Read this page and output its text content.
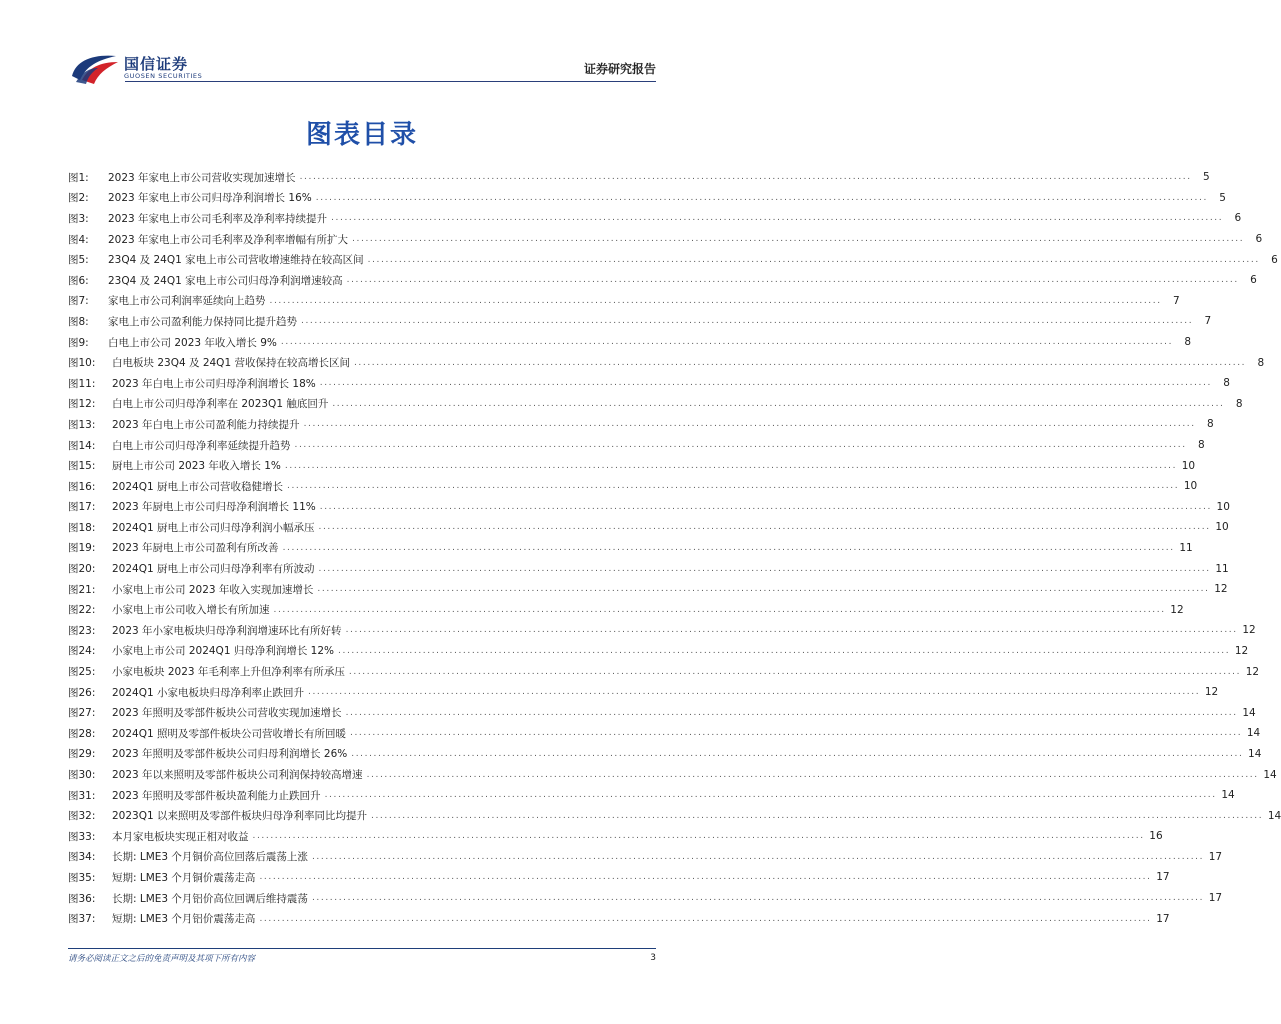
国信证券
GUOSEN SECURITIES	证券研究报告
图表目录
图1:	2023 年家电上市公司营收实现加速增长 ........................................................................................................................................................................................................	5
图2:	2023 年家电上市公司归母净利润增长 16% ........................................................................................................................................................................................................	5
图3:	2023 年家电上市公司毛利率及净利率持续提升 ........................................................................................................................................................................................................	6
图4:	2023 年家电上市公司毛利率及净利率增幅有所扩大 ........................................................................................................................................................................................................	6
图5:	23Q4 及 24Q1 家电上市公司营收增速维持在较高区间 ........................................................................................................................................................................................................	6
图6:	23Q4 及 24Q1 家电上市公司归母净利润增速较高 ........................................................................................................................................................................................................	6
图7:	家电上市公司利润率延续向上趋势 ........................................................................................................................................................................................................	7
图8:	家电上市公司盈利能力保持同比提升趋势 ........................................................................................................................................................................................................	7
图9:	白电上市公司 2023 年收入增长 9% ........................................................................................................................................................................................................	8
图10:	白电板块 23Q4 及 24Q1 营收保持在较高增长区间 ........................................................................................................................................................................................................	8
图11:	2023 年白电上市公司归母净利润增长 18% ........................................................................................................................................................................................................	8
图12:	白电上市公司归母净利率在 2023Q1 触底回升 ........................................................................................................................................................................................................	8
图13:	2023 年白电上市公司盈利能力持续提升 ........................................................................................................................................................................................................	8
图14:	白电上市公司归母净利率延续提升趋势 ........................................................................................................................................................................................................	8
图15:	厨电上市公司 2023 年收入增长 1% ........................................................................................................................................................................................................ 10
图16:	2024Q1 厨电上市公司营收稳健增长 ........................................................................................................................................................................................................ 10
图17:	2023 年厨电上市公司归母净利润增长 11% ........................................................................................................................................................................................................ 10
图18:	2024Q1 厨电上市公司归母净利润小幅承压 ........................................................................................................................................................................................................ 10
图19:	2023 年厨电上市公司盈利有所改善 ........................................................................................................................................................................................................ 11
图20:	2024Q1 厨电上市公司归母净利率有所波动 ........................................................................................................................................................................................................ 11
图21:	小家电上市公司 2023 年收入实现加速增长 ........................................................................................................................................................................................................ 12
图22:	小家电上市公司收入增长有所加速 ........................................................................................................................................................................................................ 12
图23:	2023 年小家电板块归母净利润增速环比有所好转 ........................................................................................................................................................................................................ 12
图24:	小家电上市公司 2024Q1 归母净利润增长 12% ........................................................................................................................................................................................................ 12
图25:	小家电板块 2023 年毛利率上升但净利率有所承压 ........................................................................................................................................................................................................ 12
图26:	2024Q1 小家电板块归母净利率止跌回升 ........................................................................................................................................................................................................ 12
图27:	2023 年照明及零部件板块公司营收实现加速增长 ........................................................................................................................................................................................................ 14
图28:	2024Q1 照明及零部件板块公司营收增长有所回暖 ........................................................................................................................................................................................................ 14
图29:	2023 年照明及零部件板块公司归母利润增长 26% ........................................................................................................................................................................................................ 14
图30:	2023 年以来照明及零部件板块公司利润保持较高增速 ........................................................................................................................................................................................................ 14
图31:	2023 年照明及零部件板块盈利能力止跌回升 ........................................................................................................................................................................................................ 14
图32:	2023Q1 以来照明及零部件板块归母净利率同比均提升 ........................................................................................................................................................................................................ 14
图33:	本月家电板块实现正相对收益 ........................................................................................................................................................................................................ 16
图34:	长期: LME3 个月铜价高位回落后震荡上涨 ........................................................................................................................................................................................................ 17
图35:	短期: LME3 个月铜价震荡走高 ........................................................................................................................................................................................................ 17
图36:	长期: LME3 个月铝价高位回调后维持震荡 ........................................................................................................................................................................................................ 17
图37:	短期: LME3 个月铝价震荡走高 ........................................................................................................................................................................................................ 17
请务必阅读正文之后的免责声明及其项下所有内容	3
